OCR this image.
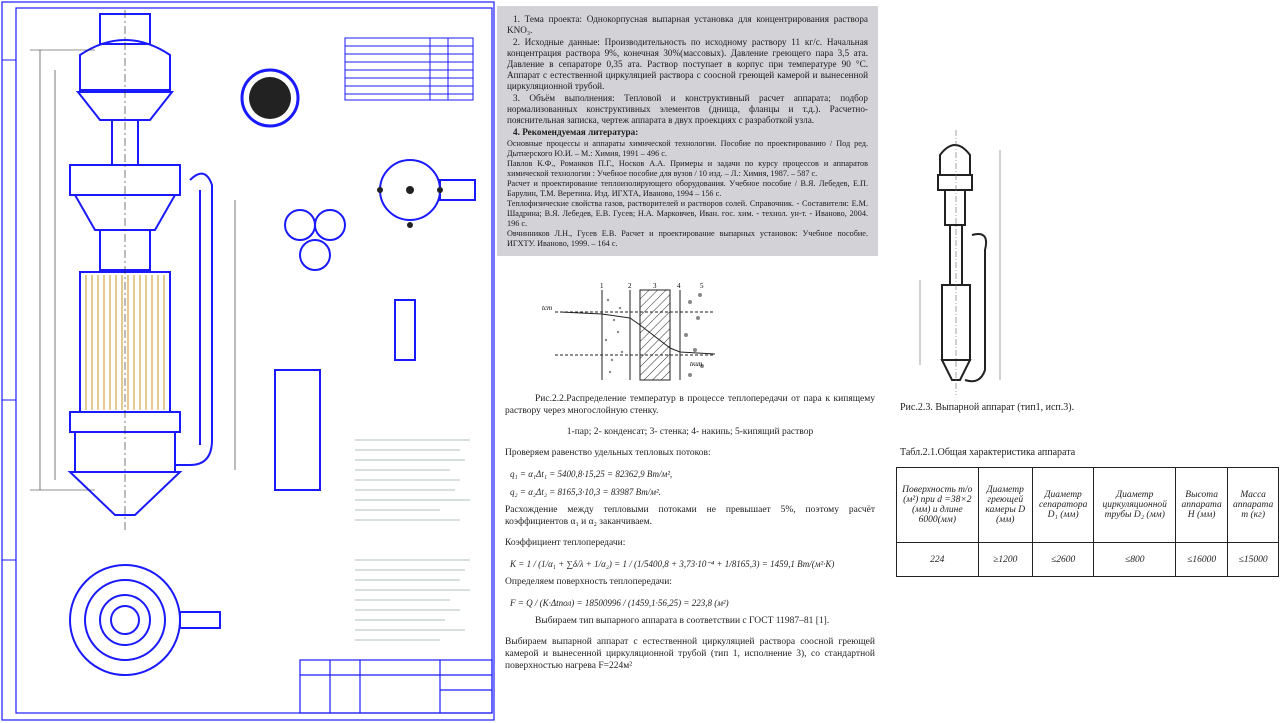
1. Тема проекта: Однокорпусная выпарная установка для концентрирования раствора KNO₃.

2. Исходные данные: Производительность по исходному раствору 11 кг/с. Начальная концентрация раствора 9%, конечная 30%(массовых). Давление греющего пара 3,5 ата. Давление в сепараторе 0,35 ата. Раствор поступает в корпус при температуре 90 °С. Аппарат с естественной циркуляцией раствора с соосной греющей камерой и вынесенной циркуляционной трубой.

3. Объём выполнения: Тепловой и конструктивный расчет аппарата; подбор нормализованных конструктивных элементов (днища, фланцы и т.д.). Расчетно-пояснительная записка, чертеж аппарата в двух проекциях с разработкой узла.

4. Рекомендуемая литература:

Основные процессы и аппараты химической технологии. Пособие по проектированию / Под ред. Дытнерского Ю.И. – М.: Химия, 1991 – 496 с.

Павлов К.Ф., Романков П.Г., Носков А.А. Примеры и задачи по курсу процессов и аппаратов химической технологии : Учебное пособие для вузов / 10 изд. – Л.: Химия, 1987. – 587 с.

Расчет и проектирование теплоизолирующего оборудования. Учебное пособие / В.Я. Лебедев, Е.П. Барулин, Т.М. Веретина. Изд. ИГХТА, Иваново, 1994 – 156 с.

Теплофизические свойства газов, растворителей и растворов солей. Справочник. - Составители: Е.М. Шадрина; В.Я. Лебедев, Е.В. Гусев; Н.А. Марковчев, Иван. гос. хим. - технол. ун-т. - Иваново, 2004. 196 с.

Овчинников Л.Н., Гусев Е.В. Расчет и проектирование выпарных установок: Учебное пособие. ИГХТУ. Иваново, 1999. – 164 с.

1	2	3	4	5
tст
tкип

Рис.2.2.Распределение температур в процессе теплопередачи от пара к кипящему раствору через многослойную стенку.

1-пар; 2- конденсат; 3- стенка; 4- накипь; 5-кипящий раствор

Проверяем равенство удельных тепловых потоков:

q₁ = α₁Δt₁ = 5400,8·15,25 = 82362,9 Вт/м²,

q₂ = α₂Δt₂ = 8165,3·10,3 = 83987 Вт/м².

Расхождение между тепловыми потоками не превышает 5%, поэтому расчёт коэффициентов α₁ и α₂ заканчиваем.

Коэффициент теплопередачи:

K = 1 / (1/α₁ + ∑δ/λ + 1/α₂) = 1 / (1/5400,8 + 3,73·10⁻⁴ + 1/8165,3) = 1459,1 Вт/(м²·К)

Определяем поверхность теплопередачи:

F = Q / (K·Δtпол) = 18500996 / (1459,1·56,25) = 223,8 (м²)

Выбираем тип выпарного аппарата в соответствии с ГОСТ 11987–81 [1].

Выбираем выпарной аппарат с естественной циркуляцией раствора соосной греющей камерой и вынесенной циркуляционной трубой (тип 1, исполнение 3), со стандартной поверхностью нагрева F=224м²

Рис.2.3. Выпарной аппарат (тип1, исп.3).
Табл.2.1.Общая характеристика аппарата
Поверхность т/о (м²) при d =38×2 (мм) и длине 6000(мм)	Диаметр греющей камеры D (мм)	Диаметр сепаратора D₁ (мм)	Диаметр циркуляционной трубы D₂ (мм)	Высота аппарата H (мм)	Масса аппарата m (кг)
224	≥1200	≤2600	≤800	≤16000	≤15000
